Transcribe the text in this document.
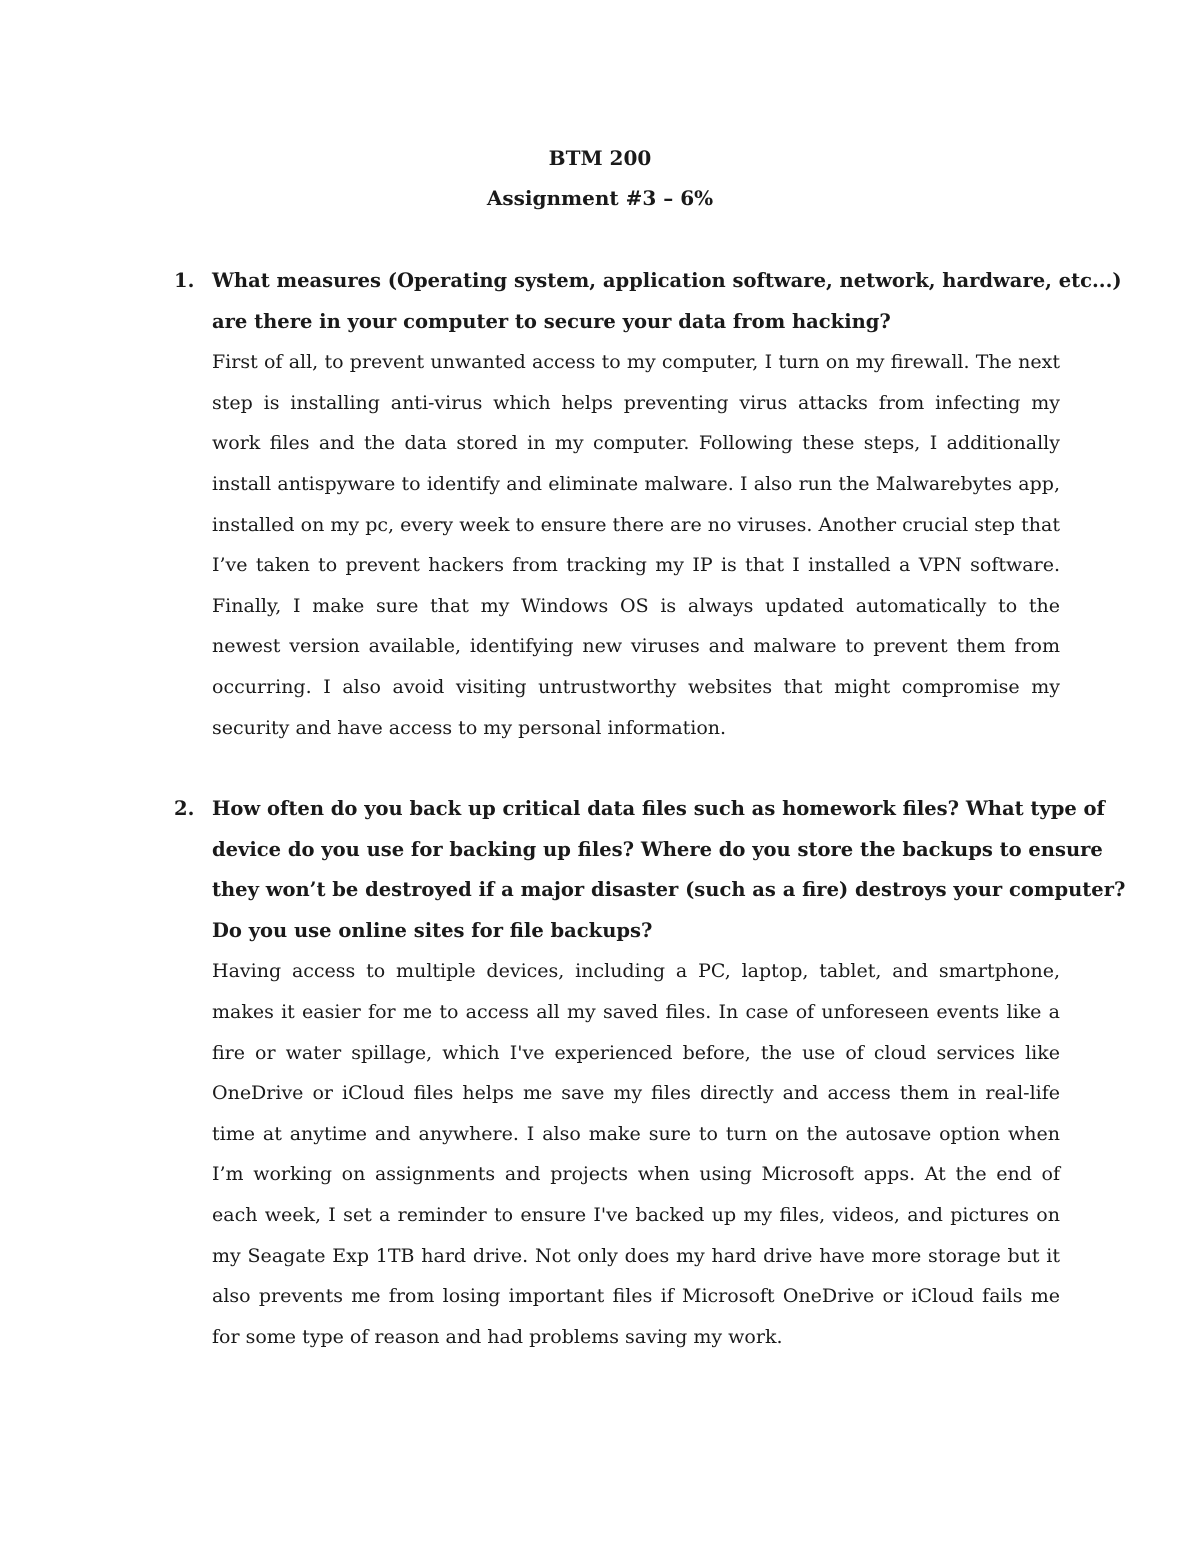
BTM 200
Assignment #3 – 6%
1. What measures (Operating system, application software, network, hardware, etc...)
are there in your computer to secure your data from hacking?
First of all, to prevent unwanted access to my computer, I turn on my firewall. The next step is installing anti-virus which helps preventing virus attacks from infecting my work files and the data stored in my computer. Following these steps, I additionally install antispyware to identify and eliminate malware. I also run the Malwarebytes app, installed on my pc, every week to ensure there are no viruses. Another crucial step that I’ve taken to prevent hackers from tracking my IP is that I installed a VPN software. Finally, I make sure that my Windows OS is always updated automatically to the newest version available, identifying new viruses and malware to prevent them from occurring. I also avoid visiting untrustworthy websites that might compromise my security and have access to my personal information.
2. How often do you back up critical data files such as homework files? What type of
device do you use for backing up files? Where do you store the backups to ensure
they won’t be destroyed if a major disaster (such as a fire) destroys your computer?
Do you use online sites for file backups?
Having access to multiple devices, including a PC, laptop, tablet, and smartphone, makes it easier for me to access all my saved files. In case of unforeseen events like a fire or water spillage, which I've experienced before, the use of cloud services like OneDrive or iCloud files helps me save my files directly and access them in real-life time at anytime and anywhere. I also make sure to turn on the autosave option when I’m working on assignments and projects when using Microsoft apps. At the end of each week, I set a reminder to ensure I've backed up my files, videos, and pictures on my Seagate Exp 1TB hard drive. Not only does my hard drive have more storage but it also prevents me from losing important files if Microsoft OneDrive or iCloud fails me for some type of reason and had problems saving my work.
